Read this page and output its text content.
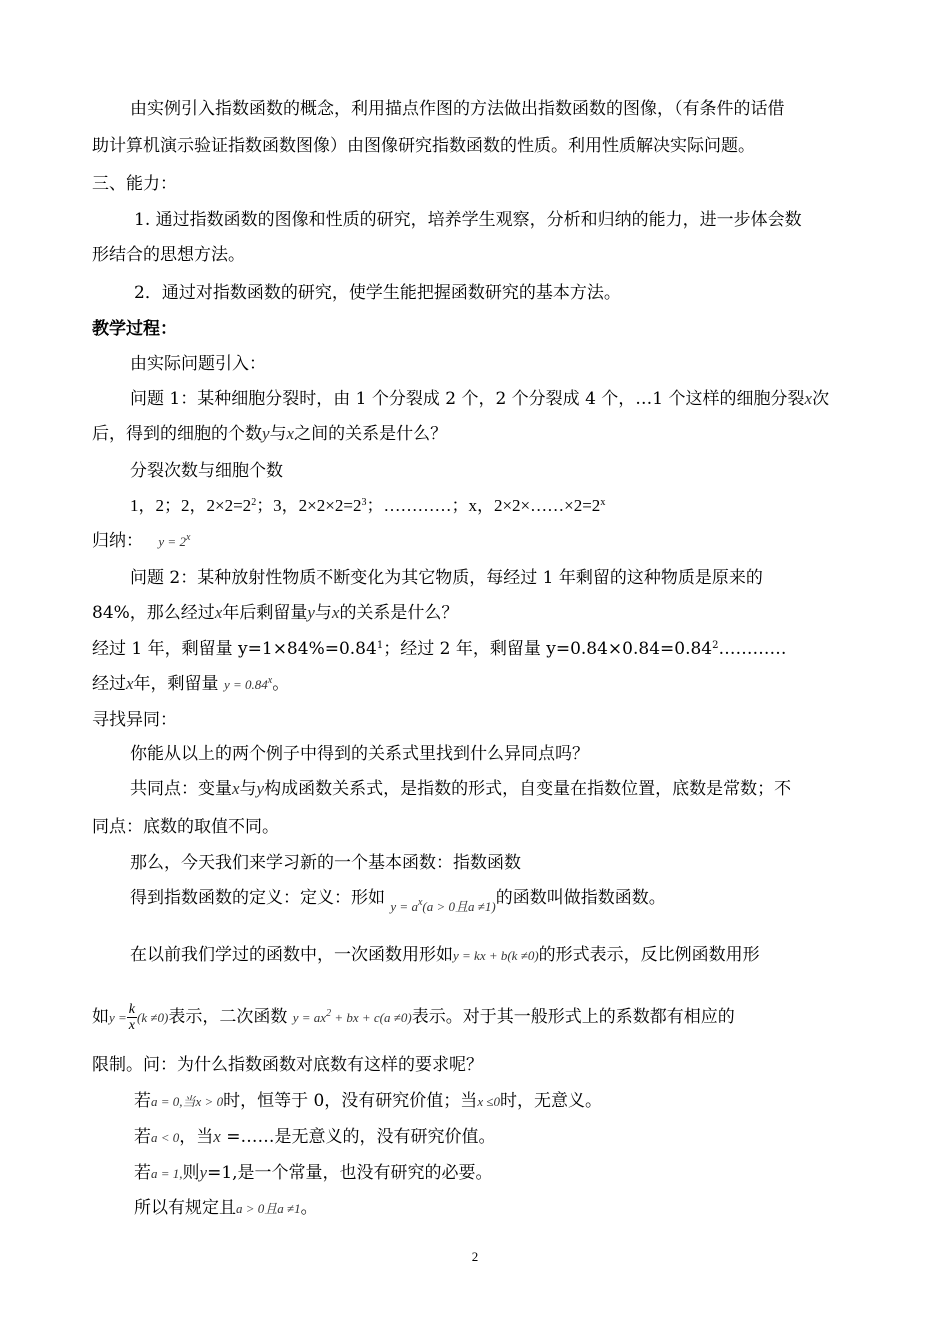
由实例引入指数函数的概念，利用描点作图的方法做出指数函数的图像，（有条件的话借
助计算机演示验证指数函数图像）由图像研究指数函数的性质。利用性质解决实际问题。
三、能力：
1. 通过指数函数的图像和性质的研究，培养学生观察，分析和归纳的能力，进一步体会数
形结合的思想方法。
2．通过对指数函数的研究，使学生能把握函数研究的基本方法。
教学过程：
由实际问题引入：
问题 1：某种细胞分裂时，由 1 个分裂成 2 个，2 个分裂成 4 个，…1 个这样的细胞分裂x次
后，得到的细胞的个数y与x之间的关系是什么？
分裂次数与细胞个数
1，2；2，$2\times 2=2^2$；3，$2\times 2\times 2=2^3$；…………；x，$2\times 2\times\dots\dots\times 2=2^x$
归纳： $y = 2^x$
问题 2：某种放射性物质不断变化为其它物质，每经过 1 年剩留的这种物质是原来的
84%，那么经过x年后剩留量y与x的关系是什么？
经过 1 年，剩留量 $y=1\times 84\%=0.84^1$；经过 2 年，剩留量 $y=0.84\times 0.84=0.84^2\dots\dots\dots\dots$
经过x年，剩留量 $y = 0.84^x$。
寻找异同：
你能从以上的两个例子中得到的关系式里找到什么异同点吗？
共同点：变量x与y构成函数关系式，是指数的形式，自变量在指数位置，底数是常数；不
同点：底数的取值不同。
那么，今天我们来学习新的一个基本函数：指数函数
得到指数函数的定义：定义：形如 $_{y = a^x(a > 0且a \ne 1)}$的函数叫做指数函数。
在以前我们学过的函数中，一次函数用形如y = kx + b(k ≠0)的形式表示，反比例函数用形
如$y = \frac{k}{x} (k \ne 0)$表示，二次函数 $y = ax^2$ + bx + c(a ≠0)表示。对于其一般形式上的系数都有相应的
限制。问：为什么指数函数对底数有这样的要求呢？
若a = 0,当x > 0时，恒等于 0，没有研究价值；当x ≤0时，无意义。
若a < 0，当x =……是无意义的，没有研究价值。
若a = 1,则y=1,是一个常量，也没有研究的必要。
所以有规定且a > 0且a ≠1。
2
